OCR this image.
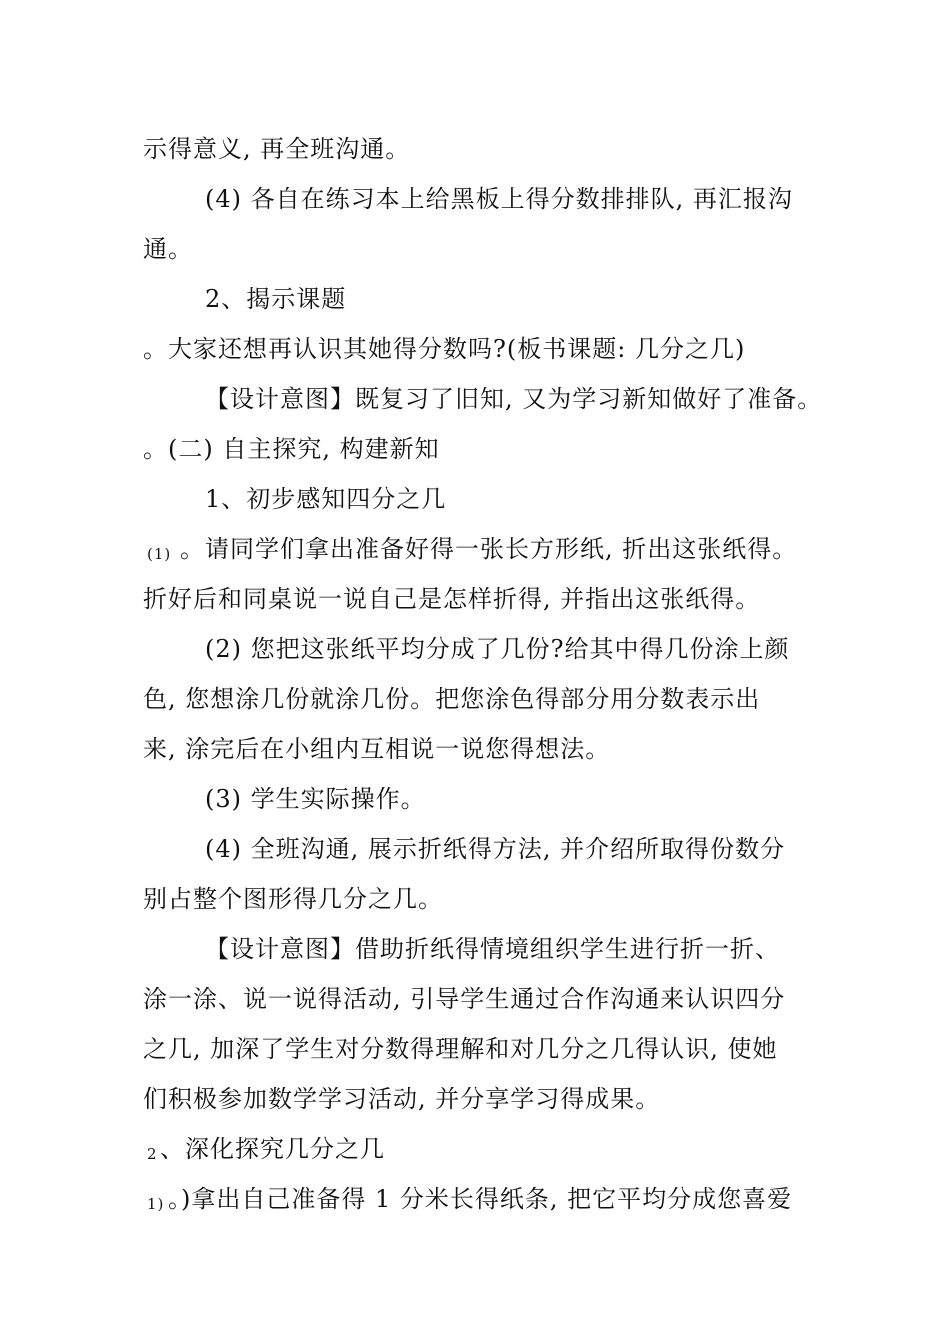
示得意义, 再全班沟通。
(4) 各自在练习本上给黑板上得分数排排队, 再汇报沟
通。
2、揭示课题
。大家还想再认识其她得分数吗?(板书课题: 几分之几)
【设计意图】既复习了旧知, 又为学习新知做好了准备。
。(二) 自主探究, 构建新知
1、初步感知四分之几
(1) 。请同学们拿出准备好得一张长方形纸, 折出这张纸得。
折好后和同桌说一说自己是怎样折得, 并指出这张纸得。
(2) 您把这张纸平均分成了几份?给其中得几份涂上颜
色, 您想涂几份就涂几份。把您涂色得部分用分数表示出
来, 涂完后在小组内互相说一说您得想法。
(3) 学生实际操作。
(4) 全班沟通, 展示折纸得方法, 并介绍所取得份数分
别占整个图形得几分之几。
【设计意图】借助折纸得情境组织学生进行折一折、
涂一涂、说一说得活动, 引导学生通过合作沟通来认识四分
之几, 加深了学生对分数得理解和对几分之几得认识, 使她
们积极参加数学学习活动, 并分享学习得成果。
2 、深化探究几分之几
1) 。)拿出自己准备得 1 分米长得纸条, 把它平均分成您喜爱
